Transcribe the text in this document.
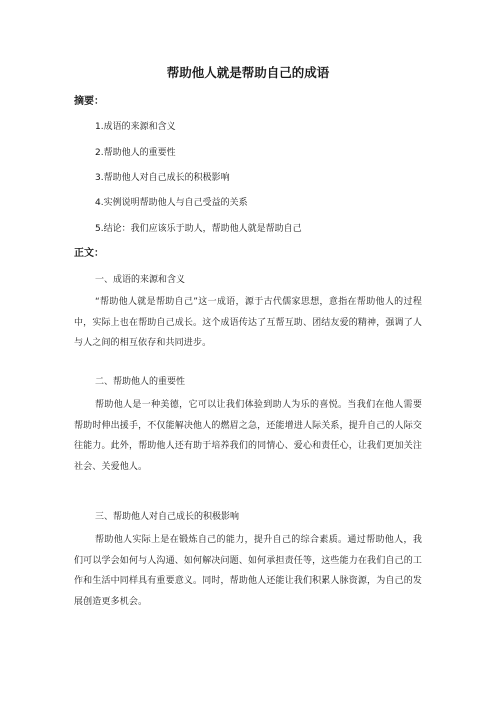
帮助他人就是帮助自己的成语
摘要：
1.成语的来源和含义
2.帮助他人的重要性
3.帮助他人对自己成长的积极影响
4.实例说明帮助他人与自己受益的关系
5.结论：我们应该乐于助人，帮助他人就是帮助自己
正文：
一、成语的来源和含义

“帮助他人就是帮助自己”这一成语，源于古代儒家思想，意指在帮助他人的过程中，实际上也在帮助自己成长。这个成语传达了互帮互助、团结友爱的精神，强调了人与人之间的相互依存和共同进步。

二、帮助他人的重要性

帮助他人是一种美德，它可以让我们体验到助人为乐的喜悦。当我们在他人需要帮助时伸出援手，不仅能解决他人的燃眉之急，还能增进人际关系，提升自己的人际交往能力。此外，帮助他人还有助于培养我们的同情心、爱心和责任心，让我们更加关注社会、关爱他人。

三、帮助他人对自己成长的积极影响

帮助他人实际上是在锻炼自己的能力，提升自己的综合素质。通过帮助他人，我们可以学会如何与人沟通、如何解决问题、如何承担责任等，这些能力在我们自己的工作和生活中同样具有重要意义。同时，帮助他人还能让我们积累人脉资源，为自己的发展创造更多机会。
